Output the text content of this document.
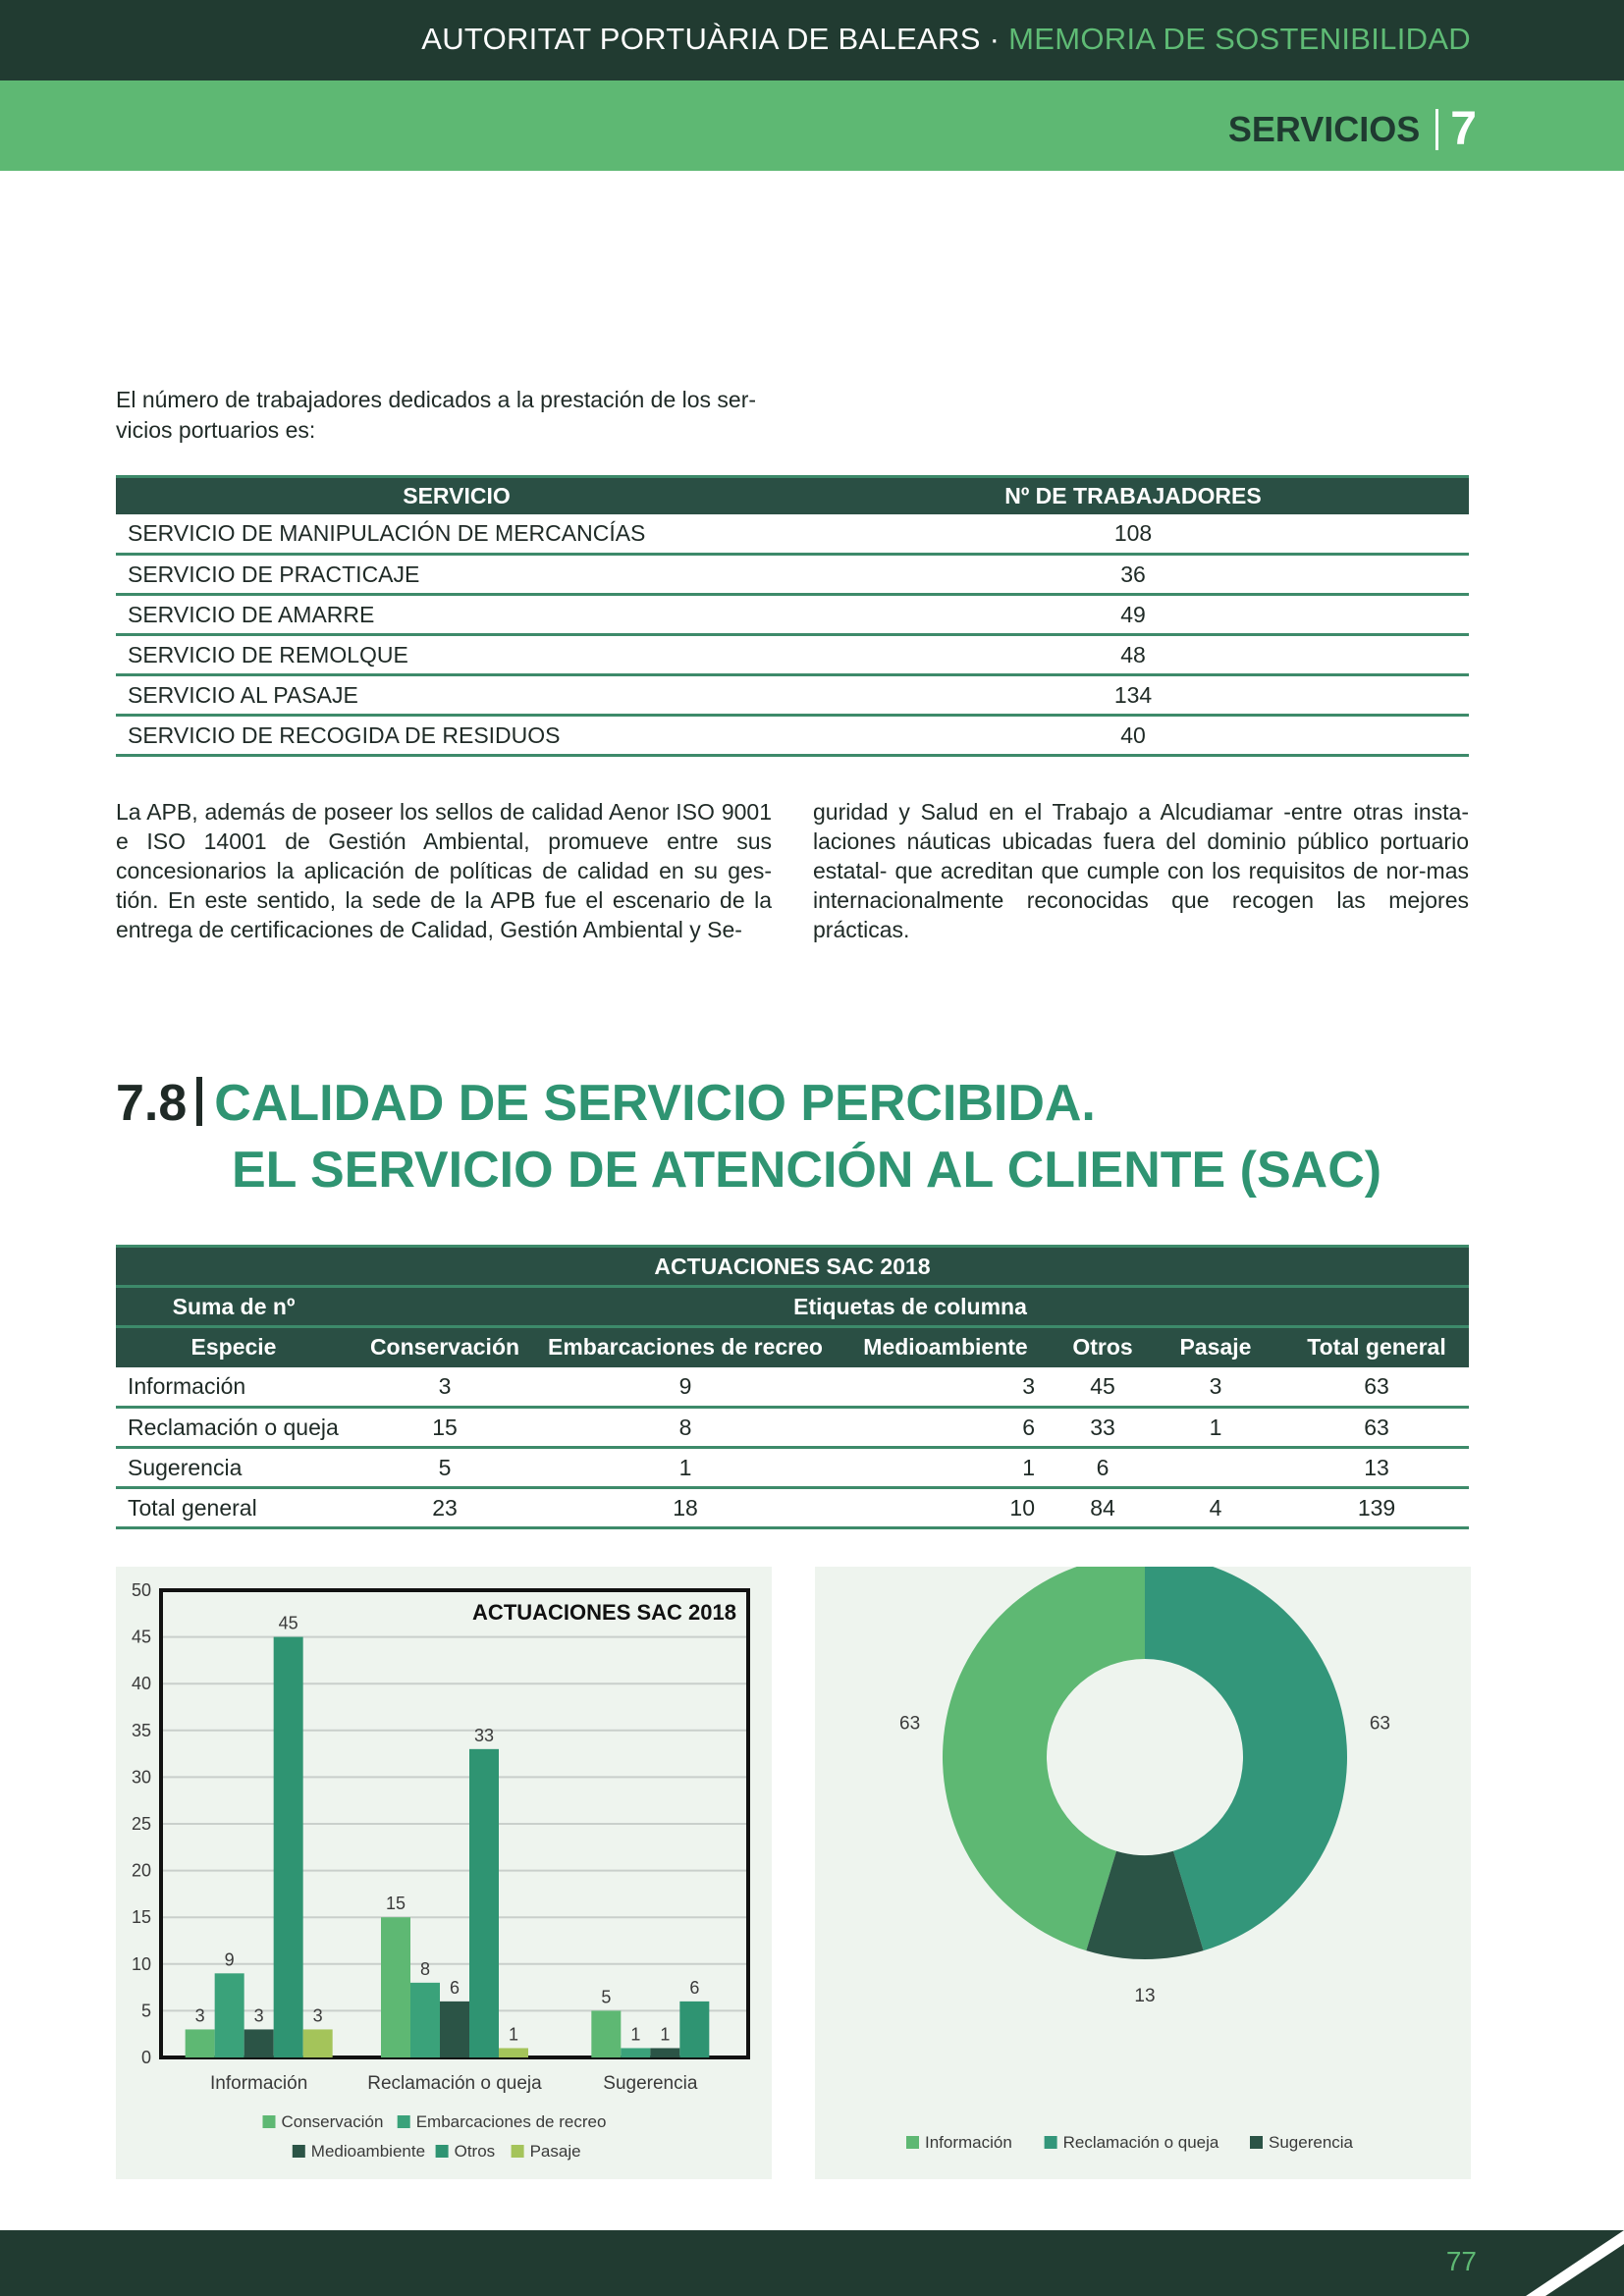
AUTORITAT PORTUÀRIA DE BALEARS · MEMORIA DE SOSTENIBILIDAD
SERVICIOS 7

El número de trabajadores dedicados a la prestación de los ser-vicios portuarios es:

SERVICIO	Nº DE TRABAJADORES
SERVICIO DE MANIPULACIÓN DE MERCANCÍAS	108
SERVICIO DE PRACTICAJE	36
SERVICIO DE AMARRE	49
SERVICIO DE REMOLQUE	48
SERVICIO AL PASAJE	134
SERVICIO DE RECOGIDA DE RESIDUOS	40

La APB, además de poseer los sellos de calidad Aenor ISO 9001 e ISO 14001 de Gestión Ambiental, promueve entre sus concesionarios la aplicación de políticas de calidad en su ges-tión. En este sentido, la sede de la APB fue el escenario de la entrega de certificaciones de Calidad, Gestión Ambiental y Se-

guridad y Salud en el Trabajo a Alcudiamar -entre otras insta-laciones náuticas ubicadas fuera del dominio público portuario estatal- que acreditan que cumple con los requisitos de nor-mas internacionalmente reconocidas que recogen las mejores prácticas.

7.8 CALIDAD DE SERVICIO PERCIBIDA.
EL SERVICIO DE ATENCIÓN AL CLIENTE (SAC)
ACTUACIONES SAC 2018						
Suma de nº	Etiquetas de columna					
Especie	Conservación	Embarcaciones de recreo	Medioambiente	Otros	Pasaje	Total general
Información	3	9	3	45	3	63
Reclamación o queja	15	8	6	33	1	63
Sugerencia	5	1	1	6		13
Total general	23	18	10	84	4	139
0
5
10
15
20
25
30
35
40
45
50
ACTUACIONES SAC 2018
3
9
3
45
3
Información
15
8
6
33
1
Reclamación o queja
5
1 1
6
Sugerencia
Conservación Embarcaciones de recreo
Medioambiente Otros Pasaje
63	63
13
Información	Reclamación o queja	Sugerencia
77
